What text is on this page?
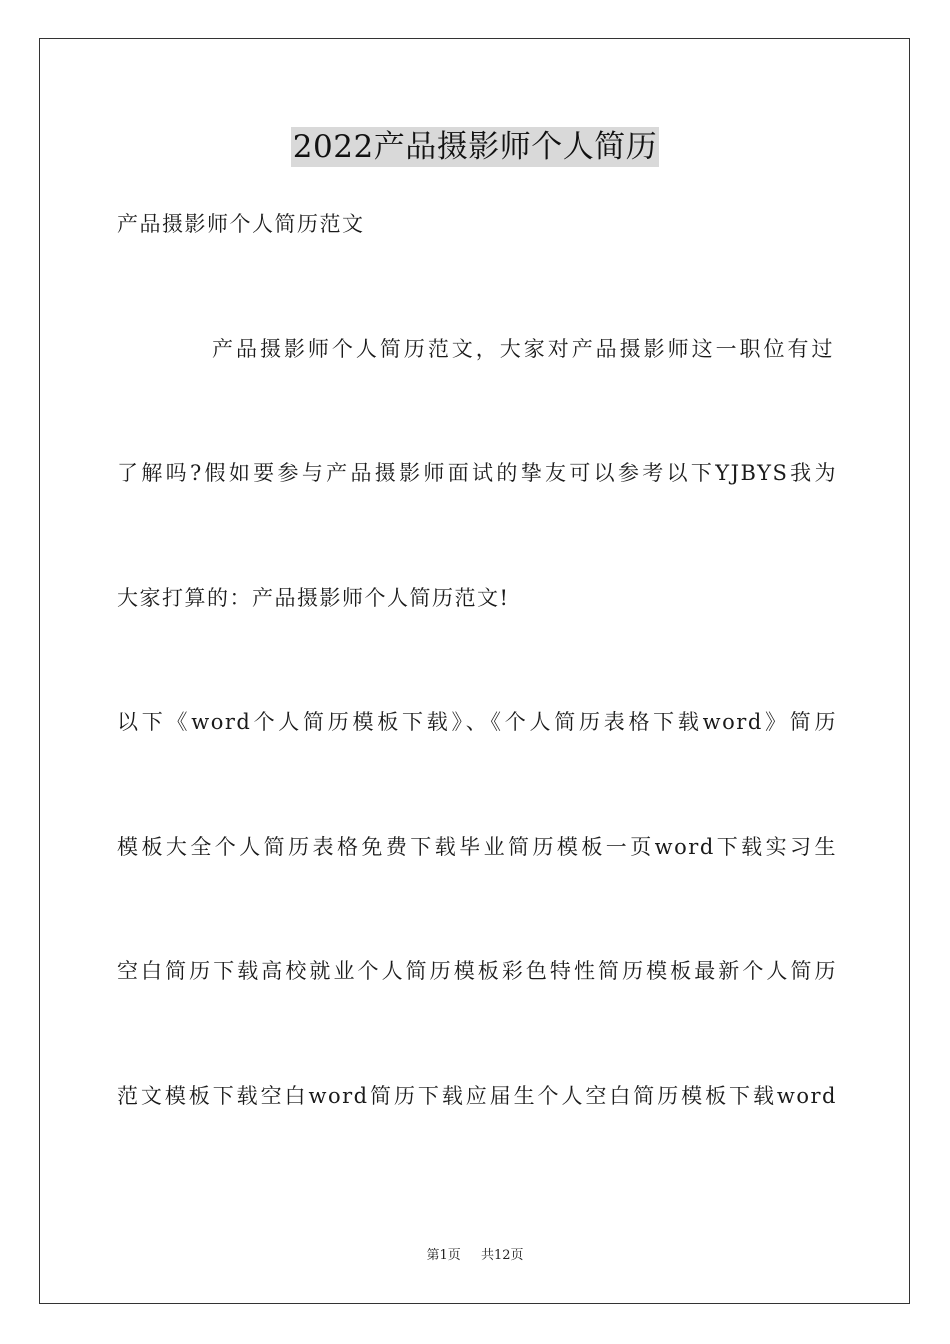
2022产品摄影师个人简历
产品摄影师个人简历范文
产品摄影师个人简历范文，大家对产品摄影师这一职位有过
了解吗?假如要参与产品摄影师面试的挚友可以参考以下YJBYS我为
大家打算的：产品摄影师个人简历范文!
以下《word个人简历模板下载》、《个人简历表格下载word》简历
模板大全个人简历表格免费下载毕业简历模板一页word下载实习生
空白简历下载高校就业个人简历模板彩色特性简历模板最新个人简历
范文模板下载空白word简历下载应届生个人空白简历模板下载word
第1页 共12页
